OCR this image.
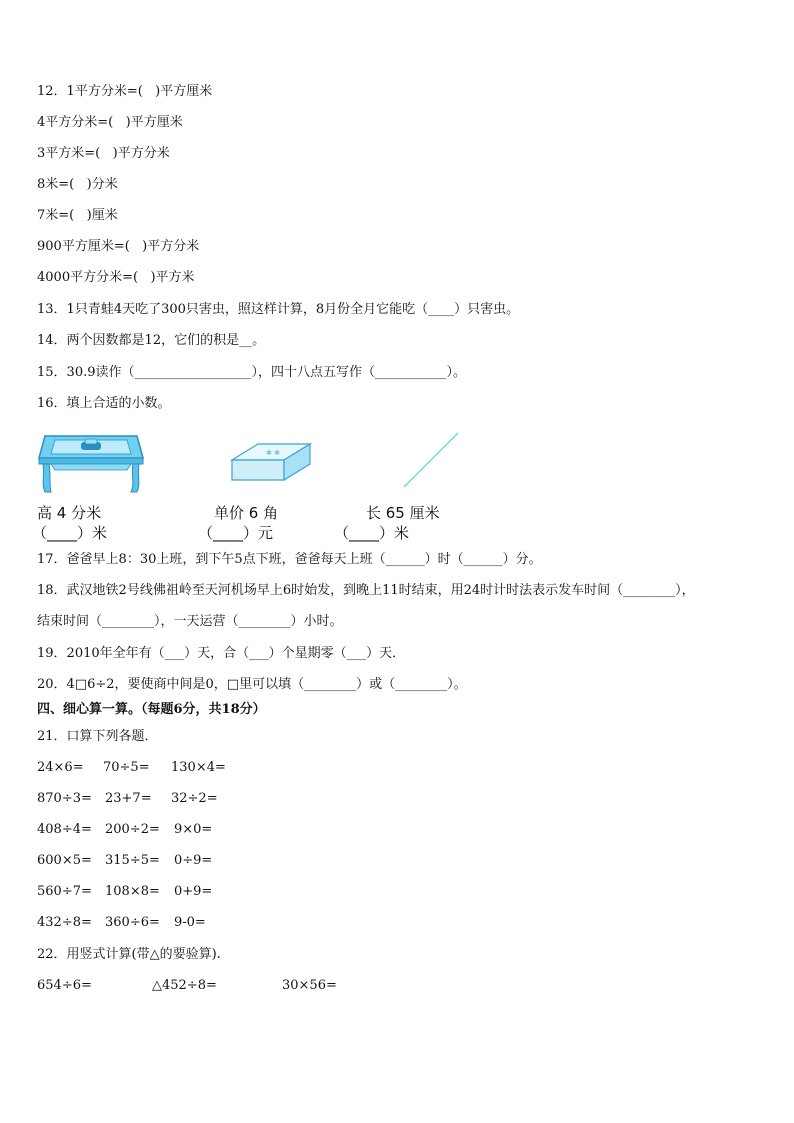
12．1平方分米=(   )平方厘米
4平方分米=(   )平方厘米
3平方米=(   )平方分米
8米=(   )分米
7米=(   )厘米
900平方厘米=(   )平方分米
4000平方分米=(   )平方米
13．1只青蛙4天吃了300只害虫，照这样计算，8月份全月它能吃（____）只害虫。
14．两个因数都是12，它们的积是__。
15．30.9读作（__________________），四十八点五写作（___________）。
16．填上合适的小数。
✱ ✱
高 4 分米	单价 6 角	长 65 厘米
（____）米	（____）元	（____）米
17．爸爸早上8：30上班，到下午5点下班，爸爸每天上班（______）时（______）分。
18．武汉地铁2号线佛祖岭至天河机场早上6时始发，到晚上11时结束，用24时计时法表示发车时间（________），
结束时间（________），一天运营（________）小时。
19．2010年全年有（___）天，合（___）个星期零（___）天．
20．4□6÷2，要使商中间是0，□里可以填（________）或（________）。
四、细心算一算。（每题6分，共18分）
21．口算下列各题．
24×6= 70÷5= 130×4=
870÷3= 23+7= 32÷2=
408÷4= 200÷2= 9×0=
600×5= 315÷5= 0÷9=
560÷7= 108×8= 0+9=
432÷8= 360÷6= 9-0=
22．用竖式计算(带△的要验算).
654÷6=	△452÷8=	30×56=
